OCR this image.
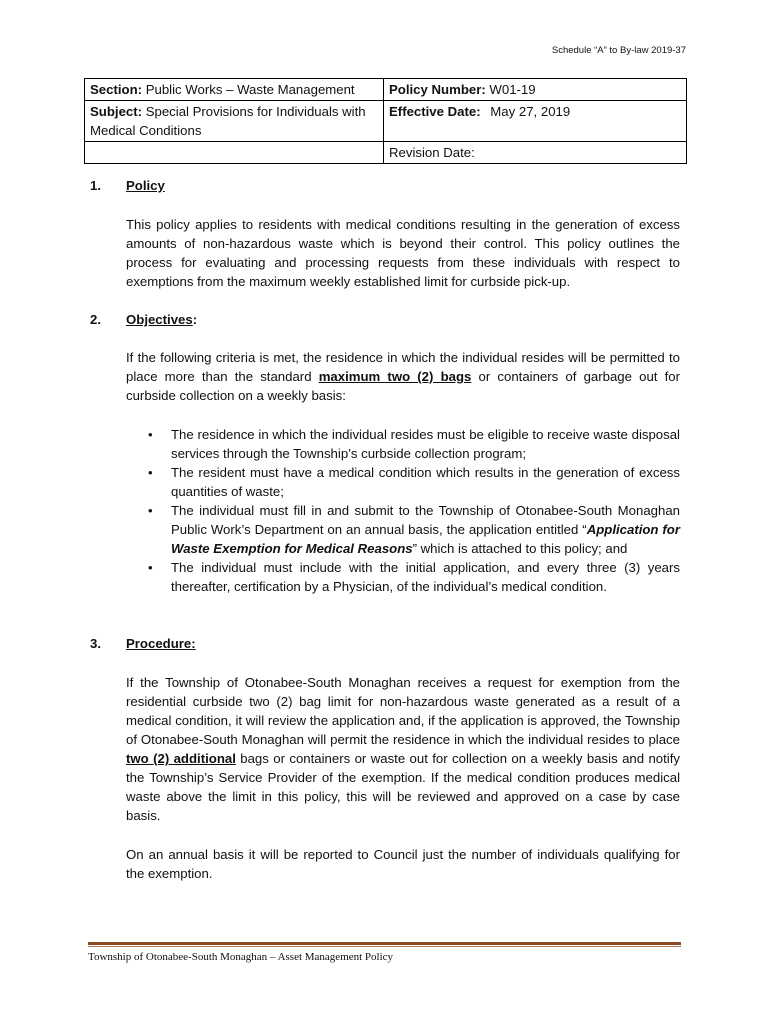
Schedule “A” to By-law 2019-37
Section: Public Works – Waste Management	Policy Number: W01-19
Subject: Special Provisions for Individuals with Medical Conditions	Effective Date: May 27, 2019
	Revision Date:
1. Policy

This policy applies to residents with medical conditions resulting in the generation of excess amounts of non-hazardous waste which is beyond their control. This policy outlines the process for evaluating and processing requests from these individuals with respect to exemptions from the maximum weekly established limit for curbside pick-up.

2. Objectives:

If the following criteria is met, the residence in which the individual resides will be permitted to place more than the standard maximum two (2) bags or containers of garbage out for curbside collection on a weekly basis:

• The residence in which the individual resides must be eligible to receive waste disposal services through the Township’s curbside collection program;
• The resident must have a medical condition which results in the generation of excess quantities of waste;
• The individual must fill in and submit to the Township of Otonabee-South Monaghan Public Work’s Department on an annual basis, the application entitled “Application for Waste Exemption for Medical Reasons” which is attached to this policy; and
• The individual must include with the initial application, and every three (3) years thereafter, certification by a Physician, of the individual’s medical condition.
3. Procedure:

If the Township of Otonabee-South Monaghan receives a request for exemption from the residential curbside two (2) bag limit for non-hazardous waste generated as a result of a medical condition, it will review the application and, if the application is approved, the Township of Otonabee-South Monaghan will permit the residence in which the individual resides to place two (2) additional bags or containers or waste out for collection on a weekly basis and notify the Township’s Service Provider of the exemption. If the medical condition produces medical waste above the limit in this policy, this will be reviewed and approved on a case by case basis.

On an annual basis it will be reported to Council just the number of individuals qualifying for the exemption.

Township of Otonabee-South Monaghan – Asset Management Policy
